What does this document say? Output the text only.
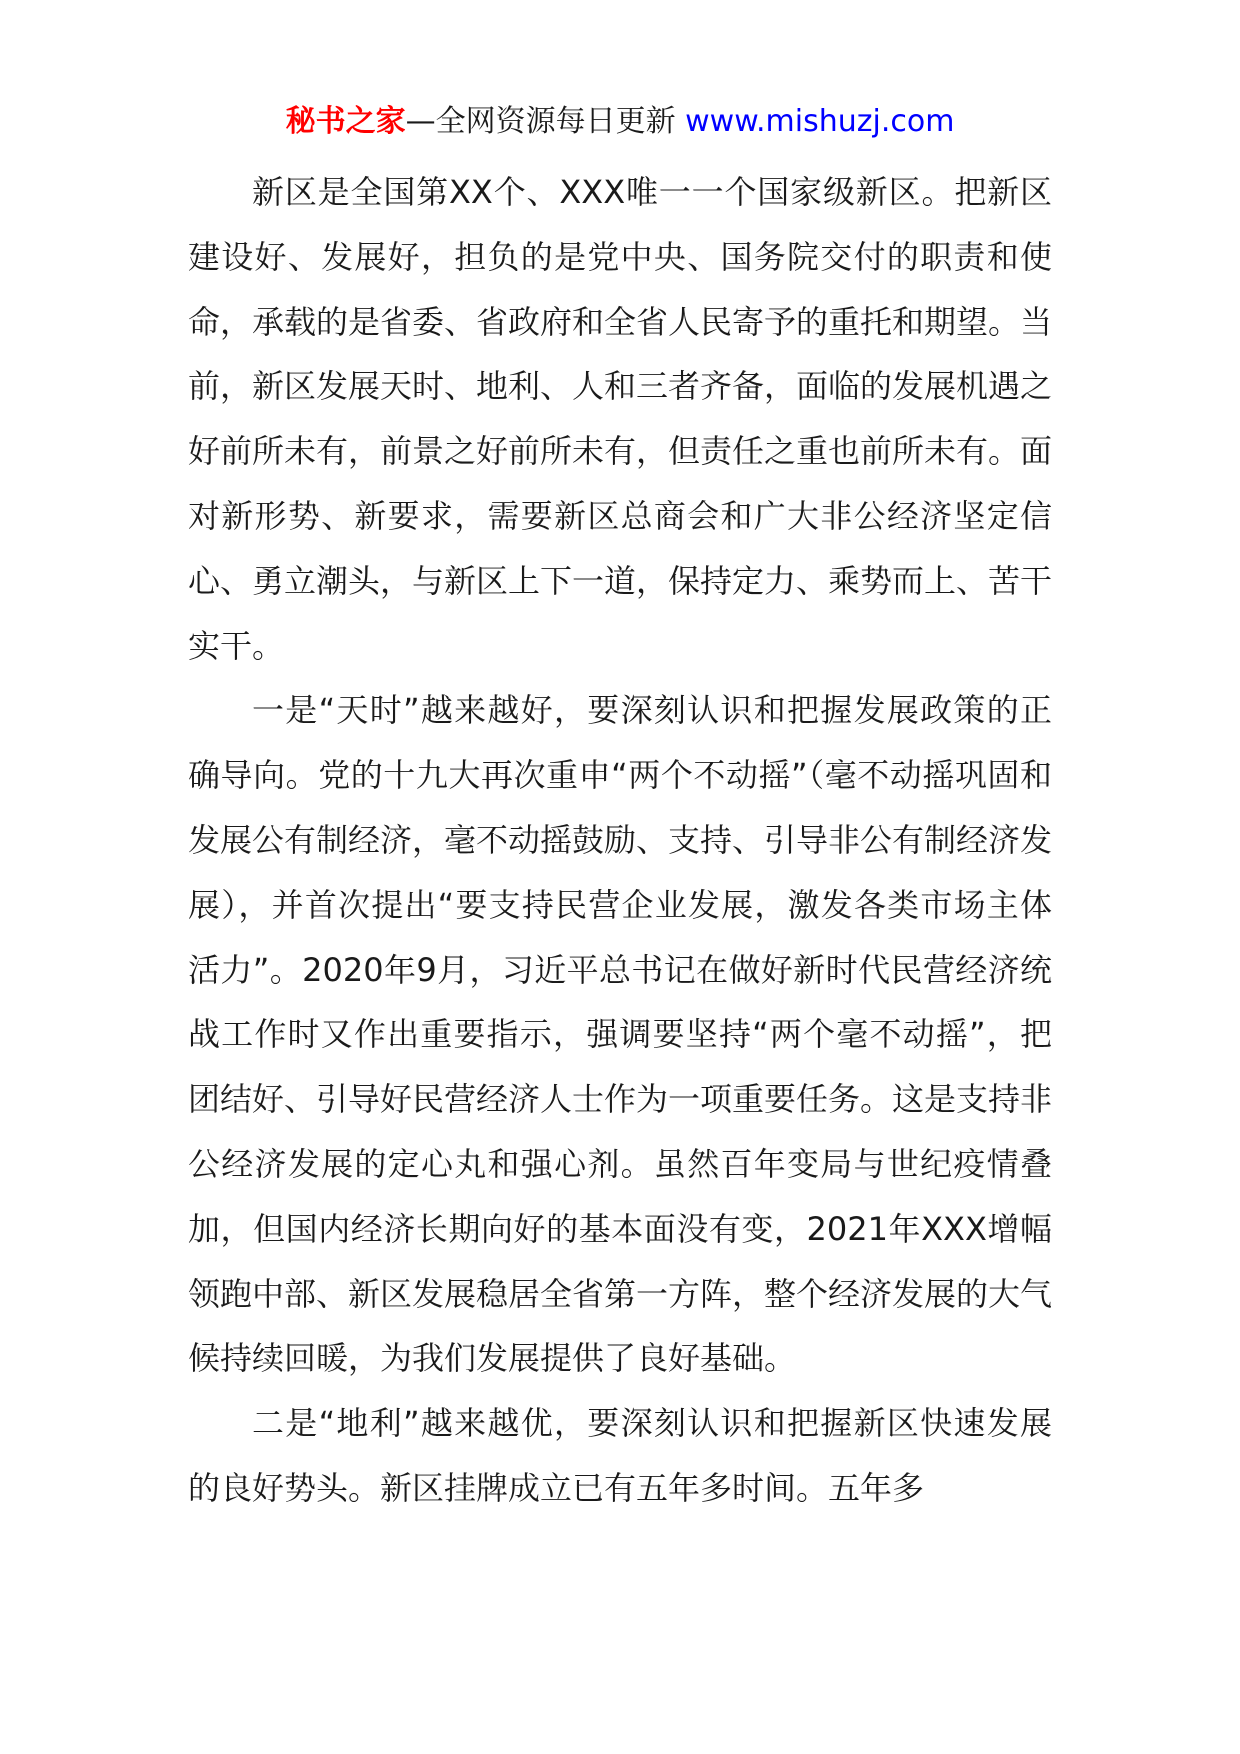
秘书之家—全网资源每日更新 www.mishuzj.com

新区是全国第XX个、XXX唯一一个国家级新区。把新区建设好、发展好，担负的是党中央、国务院交付的职责和使命，承载的是省委、省政府和全省人民寄予的重托和期望。当前，新区发展天时、地利、人和三者齐备，面临的发展机遇之好前所未有，前景之好前所未有，但责任之重也前所未有。面对新形势、新要求，需要新区总商会和广大非公经济坚定信心、勇立潮头，与新区上下一道，保持定力、乘势而上、苦干实干。

一是“天时”越来越好，要深刻认识和把握发展政策的正确导向。党的十九大再次重申“两个不动摇”（毫不动摇巩固和发展公有制经济，毫不动摇鼓励、支持、引导非公有制经济发展），并首次提出“要支持民营企业发展，激发各类市场主体活力”。2020年9月，习近平总书记在做好新时代民营经济统战工作时又作出重要指示，强调要坚持“两个毫不动摇”，把团结好、引导好民营经济人士作为一项重要任务。这是支持非公经济发展的定心丸和强心剂。虽然百年变局与世纪疫情叠加，但国内经济长期向好的基本面没有变，2021年XXX增幅领跑中部、新区发展稳居全省第一方阵，整个经济发展的大气候持续回暖，为我们发展提供了良好基础。

二是“地利”越来越优，要深刻认识和把握新区快速发展的良好势头。新区挂牌成立已有五年多时间。五年多
